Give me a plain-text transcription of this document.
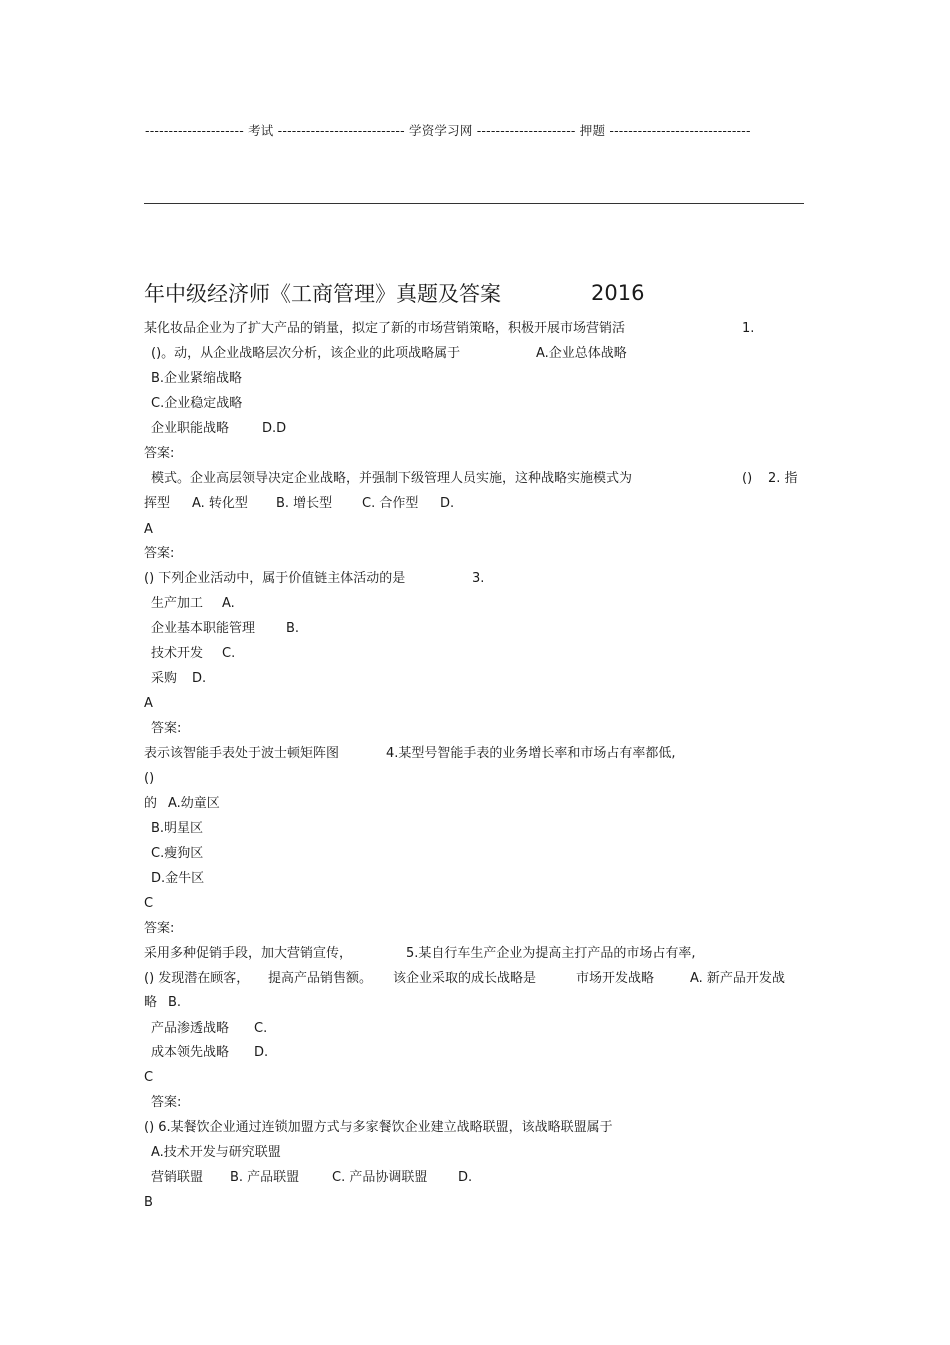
--------------------- 考试 --------------------------- 学资学习网 --------------------- 押题 ------------------------------
年中级经济师《工商管理》真题及答案	2016
某化妆品企业为了扩大产品的销量，拟定了新的市场营销策略，积极开展市场营销活	1.
()。动，从企业战略层次分析，该企业的此项战略属于	A.企业总体战略
B.企业紧缩战略
C.企业稳定战略
企业职能战略	D.D
答案:
模式。企业高层领导决定企业战略，并强制下级管理人员实施，这种战略实施模式为	() 2. 指
挥型 A. 转化型 B. 增长型 C. 合作型 D.
A
答案:
() 下列企业活动中，属于价值链主体活动的是	3.
生产加工 A.
企业基本职能管理 B.
技术开发 C.
采购 D.
A
答案:
表示该智能手表处于波士顿矩阵图	4.某型号智能手表的业务增长率和市场占有率都低,
()
的 A.幼童区
B.明星区
C.瘦狗区
D.金牛区
C
答案:
采用多种促销手段，加大营销宣传，	5.某自行车生产企业为提高主打产品的市场占有率,
() 发现潜在顾客， 提高产品销售额。 该企业采取的成长战略是	市场开发战略	A. 新产品开发战
略 B.
产品渗透战略 C.
成本领先战略 D.
C
答案:
() 6.某餐饮企业通过连锁加盟方式与多家餐饮企业建立战略联盟，该战略联盟属于
A.技术开发与研究联盟
营销联盟 B. 产品联盟	C. 产品协调联盟 D.
B
